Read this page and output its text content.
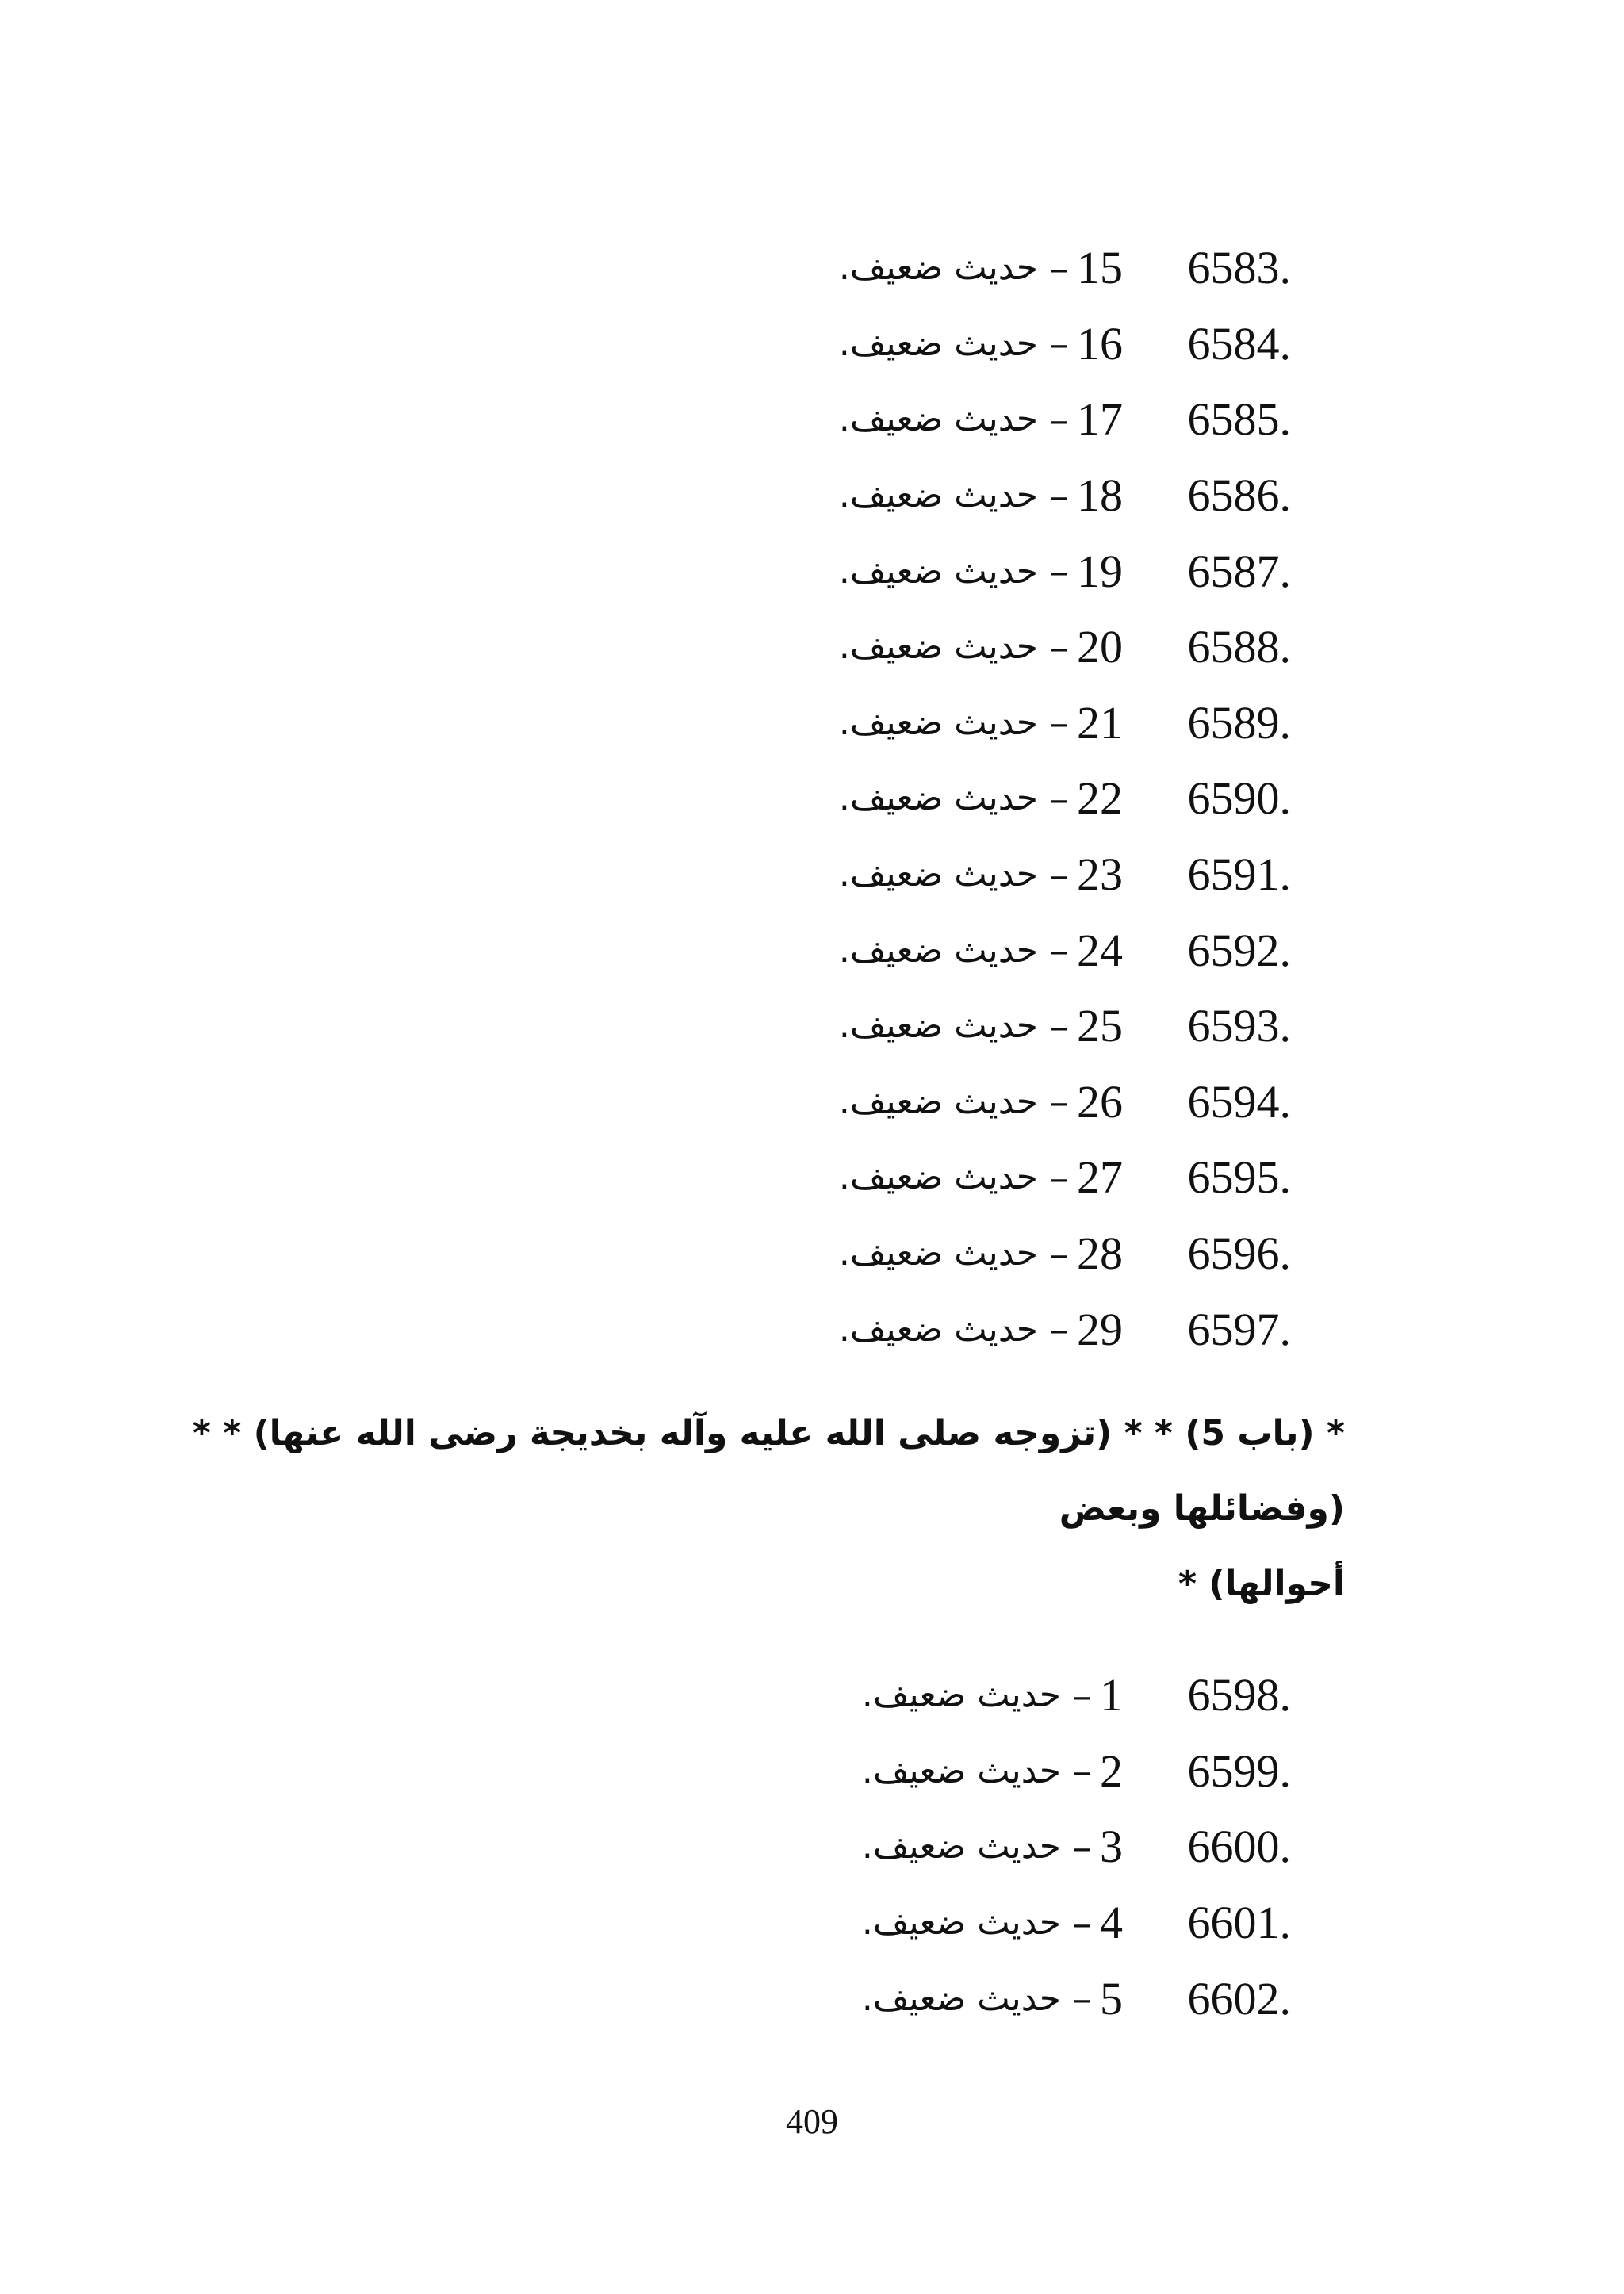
.6583
15
–
حديث ضعيف.
.6584
16
–
حديث ضعيف.
.6585
17
–
حديث ضعيف.
.6586
18
–
حديث ضعيف.
.6587
19
–
حديث ضعيف.
.6588
20
–
حديث ضعيف.
.6589
21
–
حديث ضعيف.
.6590
22
–
حديث ضعيف.
.6591
23
–
حديث ضعيف.
.6592
24
–
حديث ضعيف.
.6593
25
–
حديث ضعيف.
.6594
26
–
حديث ضعيف.
.6595
27
–
حديث ضعيف.
.6596
28
–
حديث ضعيف.
.6597
29
–
حديث ضعيف.
* (باب 5) * * (تزوجه صلى الله عليه وآله بخديجة رضى الله عنها) * *
(وفضائلها وبعض
أحوالها) *
.6598
1
–
حديث ضعيف.
.6599
2
–
حديث ضعيف.
.6600
3
–
حديث ضعيف.
.6601
4
–
حديث ضعيف.
.6602
5
–
حديث ضعيف.
409
